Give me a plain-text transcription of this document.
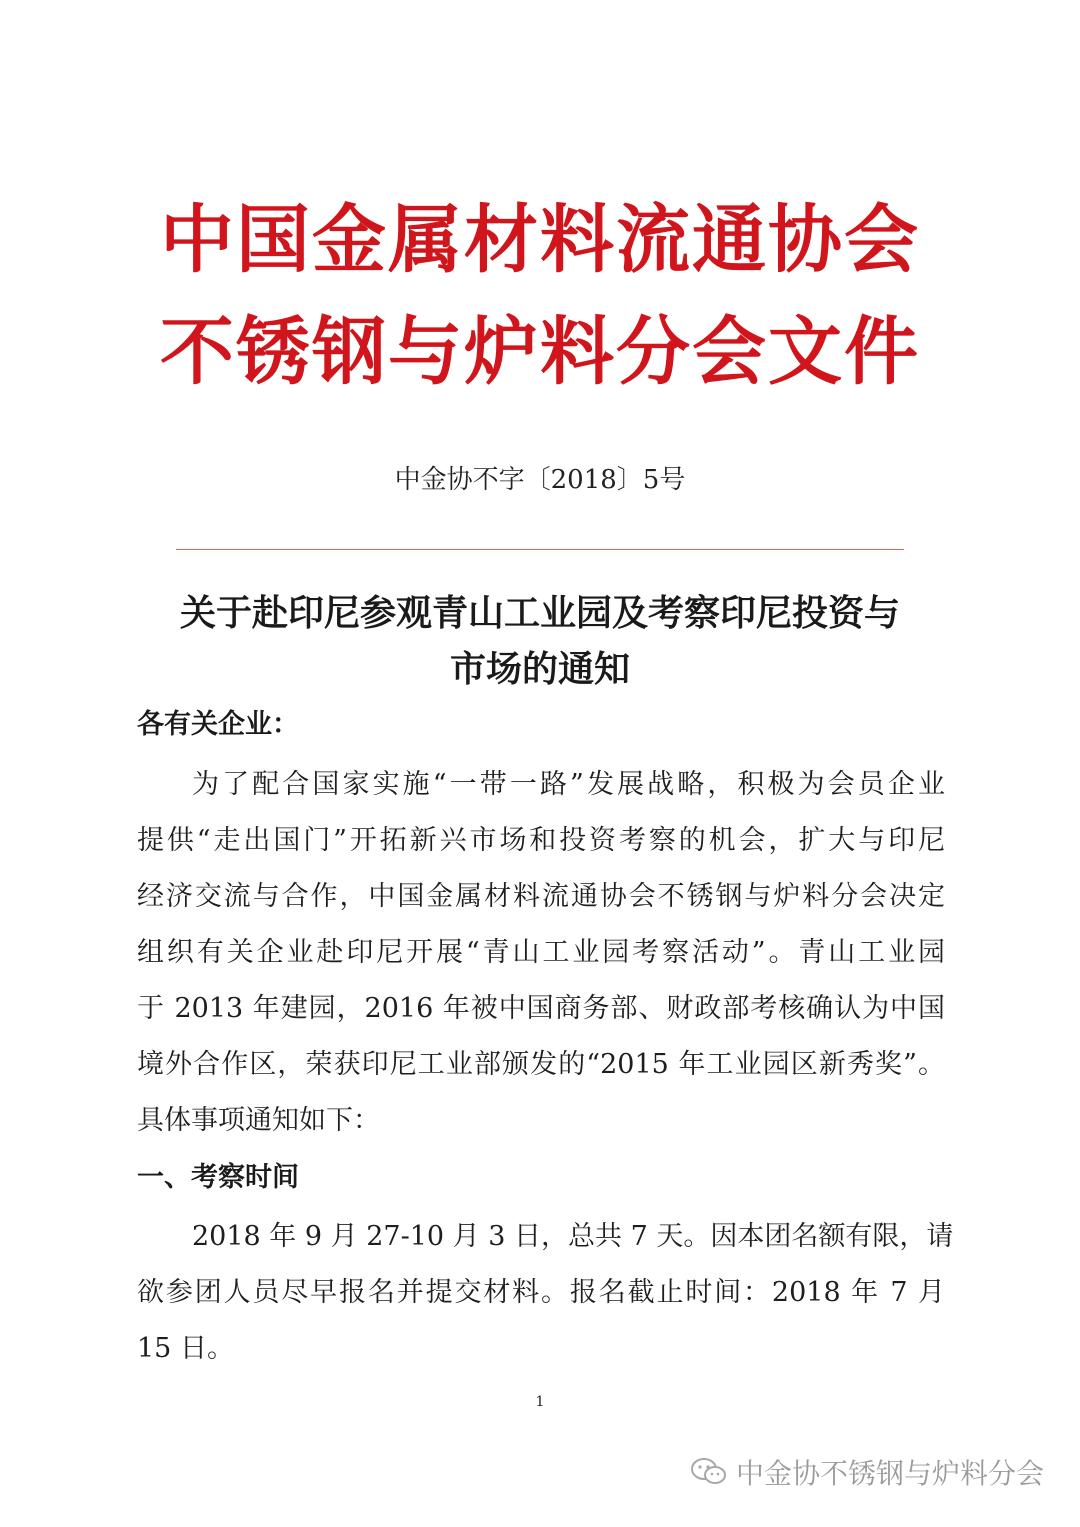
中国金属材料流通协会
不锈钢与炉料分会文件
中金协不字〔2018〕5号
关于赴印尼参观青山工业园及考察印尼投资与
市场的通知
各有关企业：
为了配合国家实施“一带一路”发展战略，积极为会员企业
提供“走出国门”开拓新兴市场和投资考察的机会，扩大与印尼
经济交流与合作，中国金属材料流通协会不锈钢与炉料分会决定
组织有关企业赴印尼开展“青山工业园考察活动”。青山工业园
于 2013 年建园，2016 年被中国商务部、财政部考核确认为中国
境外合作区，荣获印尼工业部颁发的“2015 年工业园区新秀奖”。
具体事项通知如下：
一、考察时间
2018 年 9 月 27-10 月 3 日，总共 7 天。因本团名额有限，请
欲参团人员尽早报名并提交材料。报名截止时间：2018 年 7 月
15 日。
1
中金协不锈钢与炉料分会
